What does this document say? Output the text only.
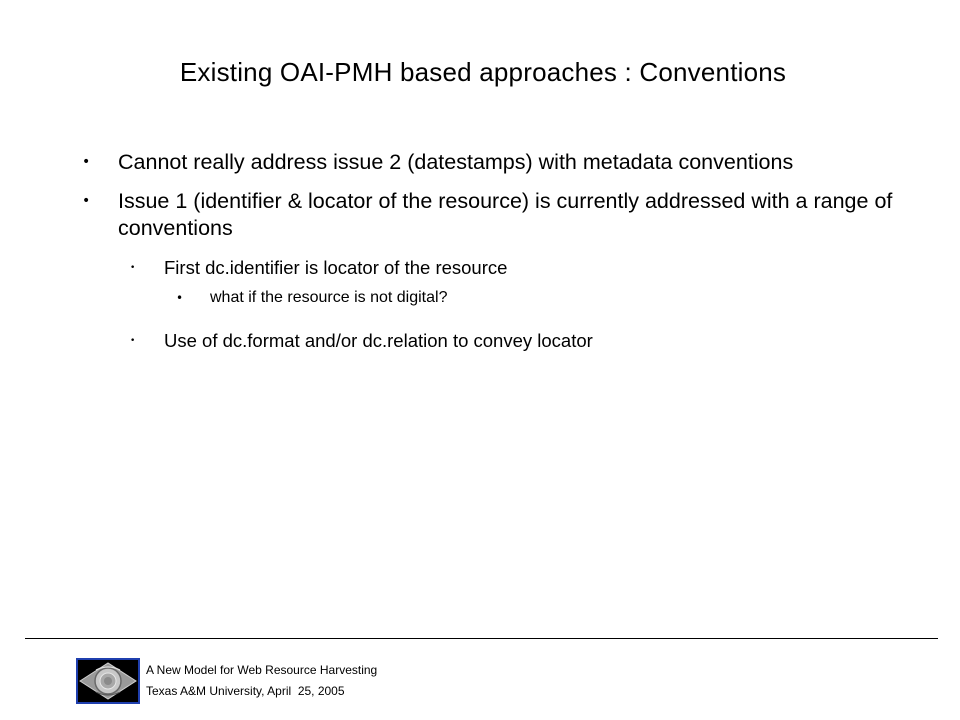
Existing OAI-PMH based approaches : Conventions
• Cannot really address issue 2 (datestamps) with metadata conventions
• Issue 1 (identifier & locator of the resource) is currently addressed with a range of conventions
• First dc.identifier is locator of the resource
• what if the resource is not digital?
• Use of dc.format and/or dc.relation to convey locator
A New Model for Web Resource Harvesting
Texas A&M University, April  25, 2005
